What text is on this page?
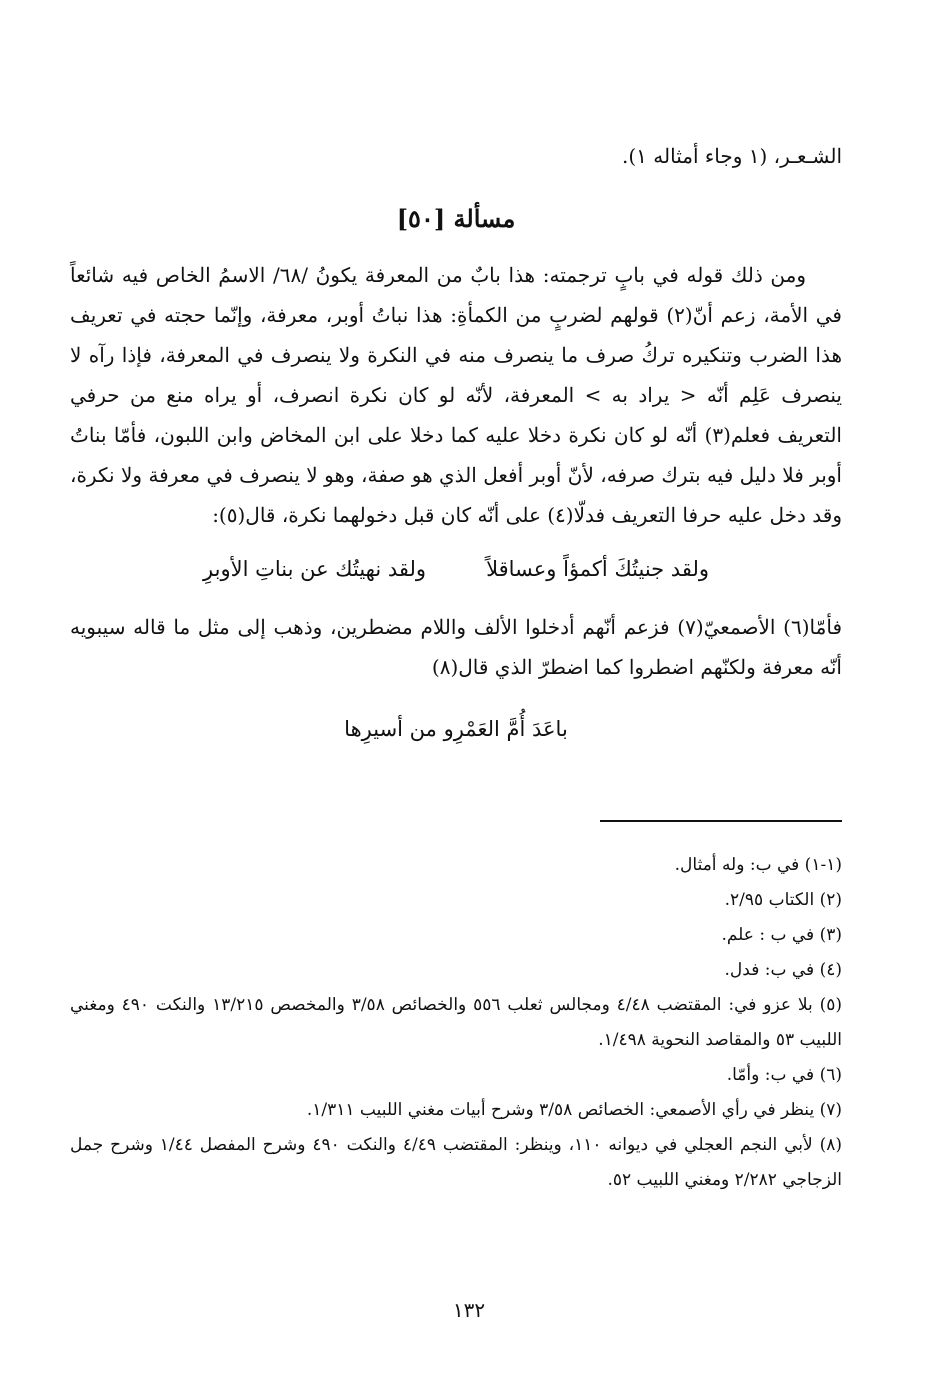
الشـعـر، (١ وجاء أمثاله ١).

مسألة [٥٠]

ومن ذلك قوله في بابٍ ترجمته: هذا بابٌ من المعرفة يكونُ /٦٨/ الاسمُ الخاص فيه شائعاً في الأمة، زعم أنّ(٢) قولهم لضربٍ من الكمأةِ: هذا نباتُ أوبر، معرفة، وإنّما حجته في تعريف هذا الضرب وتنكيره تركُ صرف ما ينصرف منه في النكرة ولا ينصرف في المعرفة، فإذا رآه لا ينصرف عَلِم أنّه < يراد به > المعرفة، لأنّه لو كان نكرة انصرف، أو يراه منع من حرفي التعريف فعلم(٣) أنّه لو كان نكرة دخلا عليه كما دخلا على ابن المخاض وابن اللبون، فأمّا بناتُ أوبر فلا دليل فيه بترك صرفه، لأنّ أوبر أفعل الذي هو صفة، وهو لا ينصرف في معرفة ولا نكرة، وقد دخل عليه حرفا التعريف فدلّا(٤) على أنّه كان قبل دخولهما نكرة، قال(٥):

ولقد جنيتُكَ أكمؤاً وعساقلاً
ولقد نهيتُك عن بناتِ الأوبرِ

فأمّا(٦) الأصمعيّ(٧) فزعم أنّهم أدخلوا الألف واللام مضطرين، وذهب إلى مثل ما قاله سيبويه أنّه معرفة ولكنّهم اضطروا كما اضطرّ الذي قال(٨)

باعَدَ أُمَّ العَمْرِو من أسيرِها

(١-١) في ب: وله أمثال.

(٢) الكتاب ٢/٩٥.

(٣) في ب : علم.

(٤) في ب: فدل.

(٥) بلا عزو في: المقتضب ٤/٤٨ ومجالس ثعلب ٥٥٦ والخصائص ٣/٥٨ والمخصص ١٣/٢١٥ والنكت ٤٩٠ ومغني اللبيب ٥٣ والمقاصد النحوية ١/٤٩٨.

(٦) في ب: وأمّا.

(٧) ينظر في رأي الأصمعي: الخصائص ٣/٥٨ وشرح أبيات مغني اللبيب ١/٣١١.

(٨) لأبي النجم العجلي في ديوانه ١١٠، وينظر: المقتضب ٤/٤٩ والنكت ٤٩٠ وشرح المفصل ١/٤٤ وشرح جمل الزجاجي ٢/٢٨٢ ومغني اللبيب ٥٢.

١٣٢
